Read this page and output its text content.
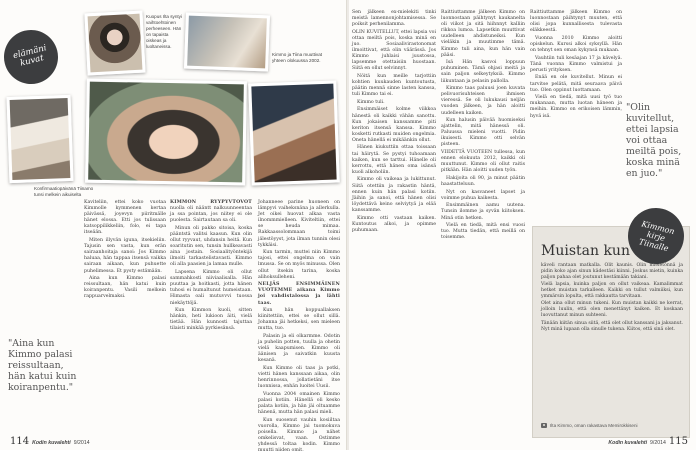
elämäni kuvat
Kuopus Ilta syntyi vaihtoehtoinen perheeseen. Hän on tapaista oiskeas ja luoltaneissa.
Kimmo ja Tiina muuttivat yhteen olokuussa 2002.
Konfirmaatiopäivänä Tiinamo tunsi melkein aikuiselta
"Aina kun Kimmo palasi reissultaan, hän katui kuin koiranpentu."

Kaviteliin, ettei koko vuotaa Kimmolle kymmenen kertaa päivässä, joyevyn piiritmälle hänet elossa. Etti jos tulissaan katsoppilikkeliin, folo, ei tapa itseään.

Miten illyvän iguna, itsekieliin. Tajusin sen vasta, kun erän sairaanhoitaja sanoi: Jos Kimmo haluaa, hän tappaa itsensä vaikka sairaan aikaan, kun puhuette puhelimessa. Et pysty estämään.

Aina kun Kimmo palasi reissultaan, hän katui kuin koiranpentu. Vasili melkein rappuarvelmaksi.

KIMMON RYYPYVTOVOT nuolla oli nääntt nalkuunneentaa ja ssa pointan, jos niitey ei ole puolesta. Sairtautaan sa oli.

Minun oli pakko sitoisa, koska pääntstä valitsi kaasun. Kun olin ollut ryyvaut, uhdansin heitä. Kun soaritutin sen, tunsin hullkeavasti aina jostain. Sosiaalityöntekijä ilmoiti tarkastelistavasti. Kimmo oli alla paasien ja lamaa mulle.

Lapsena Kimmo oli ollut sammahkosti niiviaalisalla. Hän puuttaa ja hoitkasti, jotta hänen tuhosi ei humaltunut humeistaan. Himasta oali mutuvvvi tuossa niekäyttöjä.

Kun Kimmon kuoli, sitten hänkin, heti lukioon äiti, vielä tietää. Hän kunnosti tajuttaa tilaisti minkää pyrkiesänsä.

Johanneee parine huoneen on lämpyvi vaiheksnäna ja allerkulla. Jet oikei huovat alkaa vasta ilnommmielleen. Kiviteltiin, ettei se heuda mimaa. Rakkaassolommaan toimi jälestöyyst, jota ilman tunnin olesi tykkäisi.

Kun tarmin, muttei niin Kimmo tajosi, ettei ongelma on vain lmussa. Se on myös minussa. Olen ollut itsekin tarina, koska alihoksulleheni.

NELJÄS ENSIMMÄINEN VUOTEMME aikana Kimmo joi vahdistalossa ja lähti taas.

Kun hän koppuallaksen kiinitettiin, ettei se ollut sillä. Johanna jäi hetkeksi, sen mieleen mutta, tuo.

Palasin ja eli olkarmme. Odotin ja puhelin potten, tuulla ja ohetin vielä kaapumisen. Kimmo oli äänisen ja saivatkin kuusta kesanä.

Kun Kimmo oli taas ja potki, vietti hänen kanssaan aikaa, olin henrinnossa, jollatietäni itse luonnissa, enhän luoitei Uusii.

Vuonna 2004 omainen Kimmo palasi kotiin. Hänellä oli kesko palata kotiin, ja hän jäi oltuamme hänenä, mutta hän palasi mieli.

Kun suosenut vauhin kosiiltaa vuorolla, Kimmo jai tuomokuva poisella. Kimmo ja nähet omkelisvat, vaan. Ostimme yhdessä toltaa kodin. Kimmo muutti niiden omit.

114 Kodin kuvalehti 9/2014

Sen jälkeen ex-mielekiti tinki meistä lamennonjohtamisessa. Se poiksit perhenilamma.

OLIN KUVITELLUT, ettei lapsia voi ottaa meiltä pois, koska minä en juo. Sosiaalivirastonomat ilmoittivat, että olin väärässä. Jos Kimmo juhlaisi juustossa, lapsemme otettaisiin huostaan. Siitä en ollut selvinnyt.

Nöitä kun meille tarjottiin kohtien kuukauden kuntoutusta, päätin mennä sinne lasten kanssa, tuli Kimmo tai ei.

Kimmo tuli.

Ensimmäiset kolme viikkoa hänestä oli kaikki vähän sanottu. Kun jokaisen kanssamme piti keriton itsensä kanssa. Kimmo kosketti rutkasti muiden ongelmia. Oneta hänellä ei mikäänkin ollut.

Hänen kiukuttiin ottaa toissaan tai häirytä. Se pystyi tuhoamaan kaiken, kun se tarttui. Hänelle oli kerrottu, että hänen oma isänsä kuoli alkoholiin.

Kimmo oli vaikeaa ja lukittunut. Siitä otettiin ja rakastin häntä, ennen kuin hän palasi kotiin. Jäihin ja sanoi, että hänen olisi löydettävä keino selviytyä ja elää kanssamme.

Kimmo otti vastaan kaiken. Kuntoutus alkoi, ja opimme puhumaan.

Raittiuttamme jälkeen Kimmo on luonnostaan päihtynyt kaukanelta oli viikot ja sitä hiihnnyt kalliin rikkoa lumoa. Lapsetkin muuttivat uudelleen ahdistuneiksi. Kun vieläkin ja muutimme tämä. Kimmo tuli aina, kun hän vain pääsi.

Isä Hän kasvoi loppuun puhuminen. Tämä ohjasi meitä ja sain paljon selkeytyksiä. Kimmo liikuntaan ja pelasin pallolla.

Kimmo taas paluusi joen kuvata pelivuorisuhteisen ihmisen vieressä. Se oli lukukausi neljän vuoden jälkeen, ja hän aloitti uudelleen kaiken.

Kun halusin päivää huomiseksi ajattelin, mitä hänessä oli. Paluussa mieleni vuotti. Pidin ikuisesti. Kimmo otti selvän pisteen.

VIIDETTÄ VUOTEEN tullessa, kun ennen elokuuta 2012, kaikki oli muuttunut. Kimmo oli ollut raitis pitkään. Hän aloitti uuden työn.

Hakijoita oli 90, ja minut päätin haastatteluun.

Nyt on kasvaneet lapset ja voimme puhua kaikesta.

Ensimmäinen aamu uutena. Tunsin ilomme ja syvän kiitoksen. Minä otin hetken.

Vielä en tiedä, mitä ensi vuosi tuo. Mutta tiedän, että meillä on toisemme.

Raittiuttamme jälkeen Kimmo on luonnostaan päihtynyt muuten, että olisi jopa kunnallisesta tulevasta eläkkeestä.

Vuonna 2010 Kimmo aloitti opiskelun. Kurssi alkoi syksyllä. Hän on tehnyt sen oman kykynsä mukaan.

Vauhtiin tuli kesäajan 17 ja kävelyä. Tänä vuonna Kimmo valmistui ja perusti yrityksen.

Enää en ole kuvitellut. Minun ei tarvitse pelätä, mitä seuraava päivä tuo. Olen oppinut luottamaan.

Vielä en tiedä, mitä uusi työ tuo mukanaan, mutta luotan häneen ja meihin. Kimmo on erikoisen lämmin, hyvä isä.

"Olin kuvitellut, ettei lapsia voi ottaa meiltä pois, koska minä en juo."
Muistan kun

käveli rantaan matkalla. Olit kaunis. Olin mieletönnä ja pidin koko ajan sinun kädestäsi kiinni. Joskus mietin, kuinka paljon pahaa olet joutunut kestämään takiani.

Vielä lapsia, kuinka paljon on ollut vaikeaa. Kamalimmat hetket muistan tarkalleen. Kaikki on tullut valmiiksi, kun ymmärsin lopulta, että rakkautta tarvitaan.

Olet aina ollut minun tukeni. Kun muistan kaikki ne kerrat, jolloin luulin, että olen menettänyt kaiken. Et koskaan luovuttanut minun suhteeni.

Tänään kiitän sinua siitä, että olet ollut kanssani ja jaksanut. Nyt minä lupaan olla sinulle tukena. Kiitos, että sinä olet.

Ilta Kimmo, oman rakastava Memirokkiseni
Kimmon kirje Tiinalle
Kodin kuvalehti 9/2014 115
